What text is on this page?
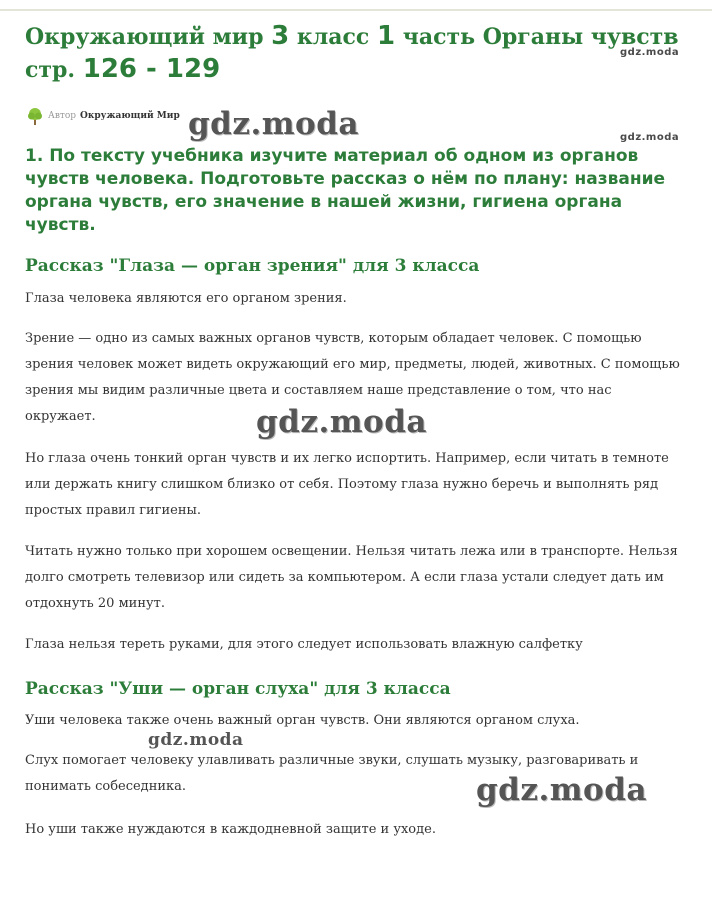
Окружающий мир 3 класс 1 часть Органы чувств
стр. 126 - 129
Автор Окружающий Мир

1. По тексту учебника изучите материал об одном из органов чувств человека. Подготовьте рассказ о нём по плану: название органа чувств, его значение в нашей жизни, гигиена органа чувств.

Рассказ "Глаза — орган зрения" для 3 класса

Глаза человека являются его органом зрения.

Зрение — одно из самых важных органов чувств, которым обладает человек. С помощью зрения человек может видеть окружающий его мир, предметы, людей, животных. С помощью зрения мы видим различные цвета и составляем наше представление о том, что нас окружает.

Но глаза очень тонкий орган чувств и их легко испортить. Например, если читать в темноте или держать книгу слишком близко от себя. Поэтому глаза нужно беречь и выполнять ряд простых правил гигиены.

Читать нужно только при хорошем освещении. Нельзя читать лежа или в транспорте. Нельзя долго смотреть телевизор или сидеть за компьютером. А если глаза устали следует дать им отдохнуть 20 минут.

Глаза нельзя тереть руками, для этого следует использовать влажную салфетку

Рассказ "Уши — орган слуха" для 3 класса

Уши человека также очень важный орган чувств. Они являются органом слуха.

Слух помогает человеку улавливать различные звуки, слушать музыку, разговаривать и понимать собеседника.

Но уши также нуждаются в каждодневной защите и уходе.

gdz.moda
gdz.moda
gdz.moda
gdz.moda
gdz.moda
gdz.moda
